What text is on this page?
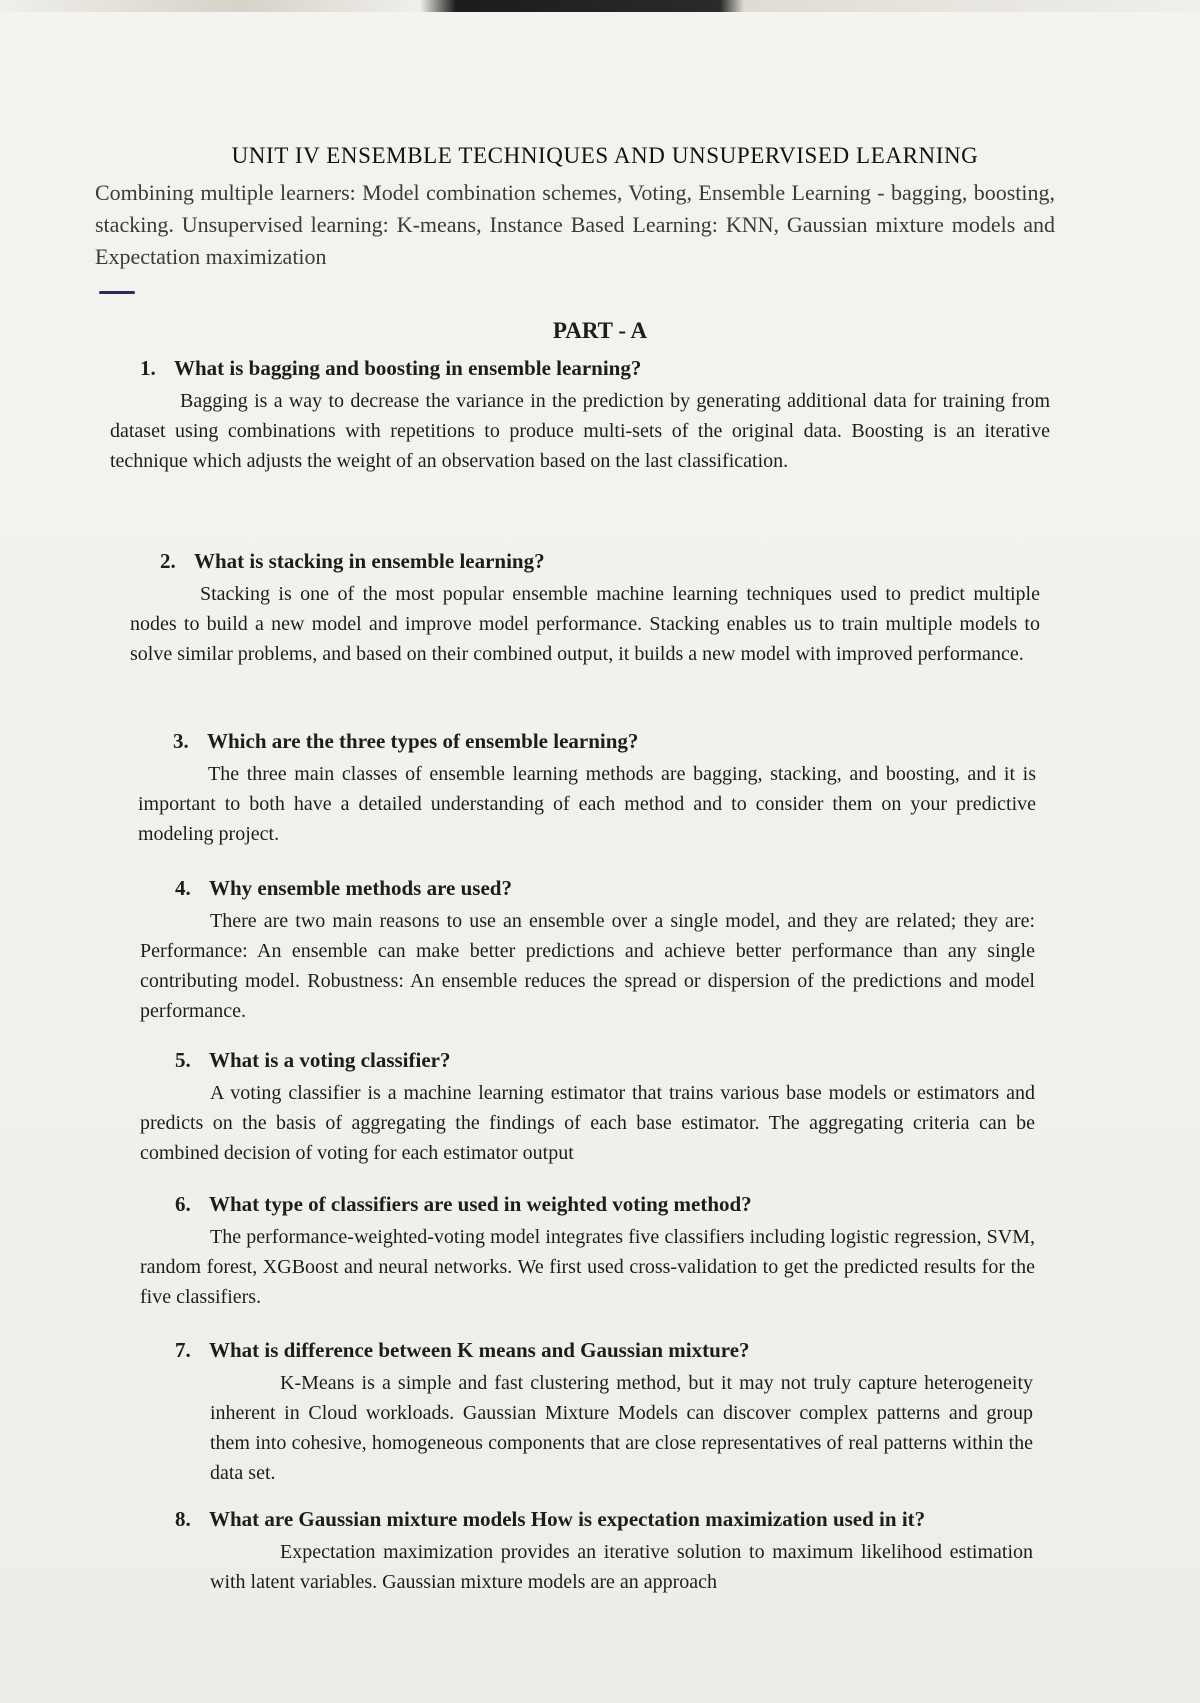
UNIT IV ENSEMBLE TECHNIQUES AND UNSUPERVISED LEARNING

Combining multiple learners: Model combination schemes, Voting, Ensemble Learning - bagging, boosting, stacking. Unsupervised learning: K-means, Instance Based Learning: KNN, Gaussian mixture models and Expectation maximization

PART - A

1. What is bagging and boosting in ensemble learning?

Bagging is a way to decrease the variance in the prediction by generating additional data for training from dataset using combinations with repetitions to produce multi-sets of the original data. Boosting is an iterative technique which adjusts the weight of an observation based on the last classification.

2. What is stacking in ensemble learning?

Stacking is one of the most popular ensemble machine learning techniques used to predict multiple nodes to build a new model and improve model performance. Stacking enables us to train multiple models to solve similar problems, and based on their combined output, it builds a new model with improved performance.

3. Which are the three types of ensemble learning?

The three main classes of ensemble learning methods are bagging, stacking, and boosting, and it is important to both have a detailed understanding of each method and to consider them on your predictive modeling project.

4. Why ensemble methods are used?

There are two main reasons to use an ensemble over a single model, and they are related; they are: Performance: An ensemble can make better predictions and achieve better performance than any single contributing model. Robustness: An ensemble reduces the spread or dispersion of the predictions and model performance.

5. What is a voting classifier?

A voting classifier is a machine learning estimator that trains various base models or estimators and predicts on the basis of aggregating the findings of each base estimator. The aggregating criteria can be combined decision of voting for each estimator output

6. What type of classifiers are used in weighted voting method?

The performance-weighted-voting model integrates five classifiers including logistic regression, SVM, random forest, XGBoost and neural networks. We first used cross-validation to get the predicted results for the five classifiers.

7. What is difference between K means and Gaussian mixture?

K-Means is a simple and fast clustering method, but it may not truly capture heterogeneity inherent in Cloud workloads. Gaussian Mixture Models can discover complex patterns and group them into cohesive, homogeneous components that are close representatives of real patterns within the data set.

8. What are Gaussian mixture models How is expectation maximization used in it?

Expectation maximization provides an iterative solution to maximum likelihood estimation with latent variables. Gaussian mixture models are an approach
